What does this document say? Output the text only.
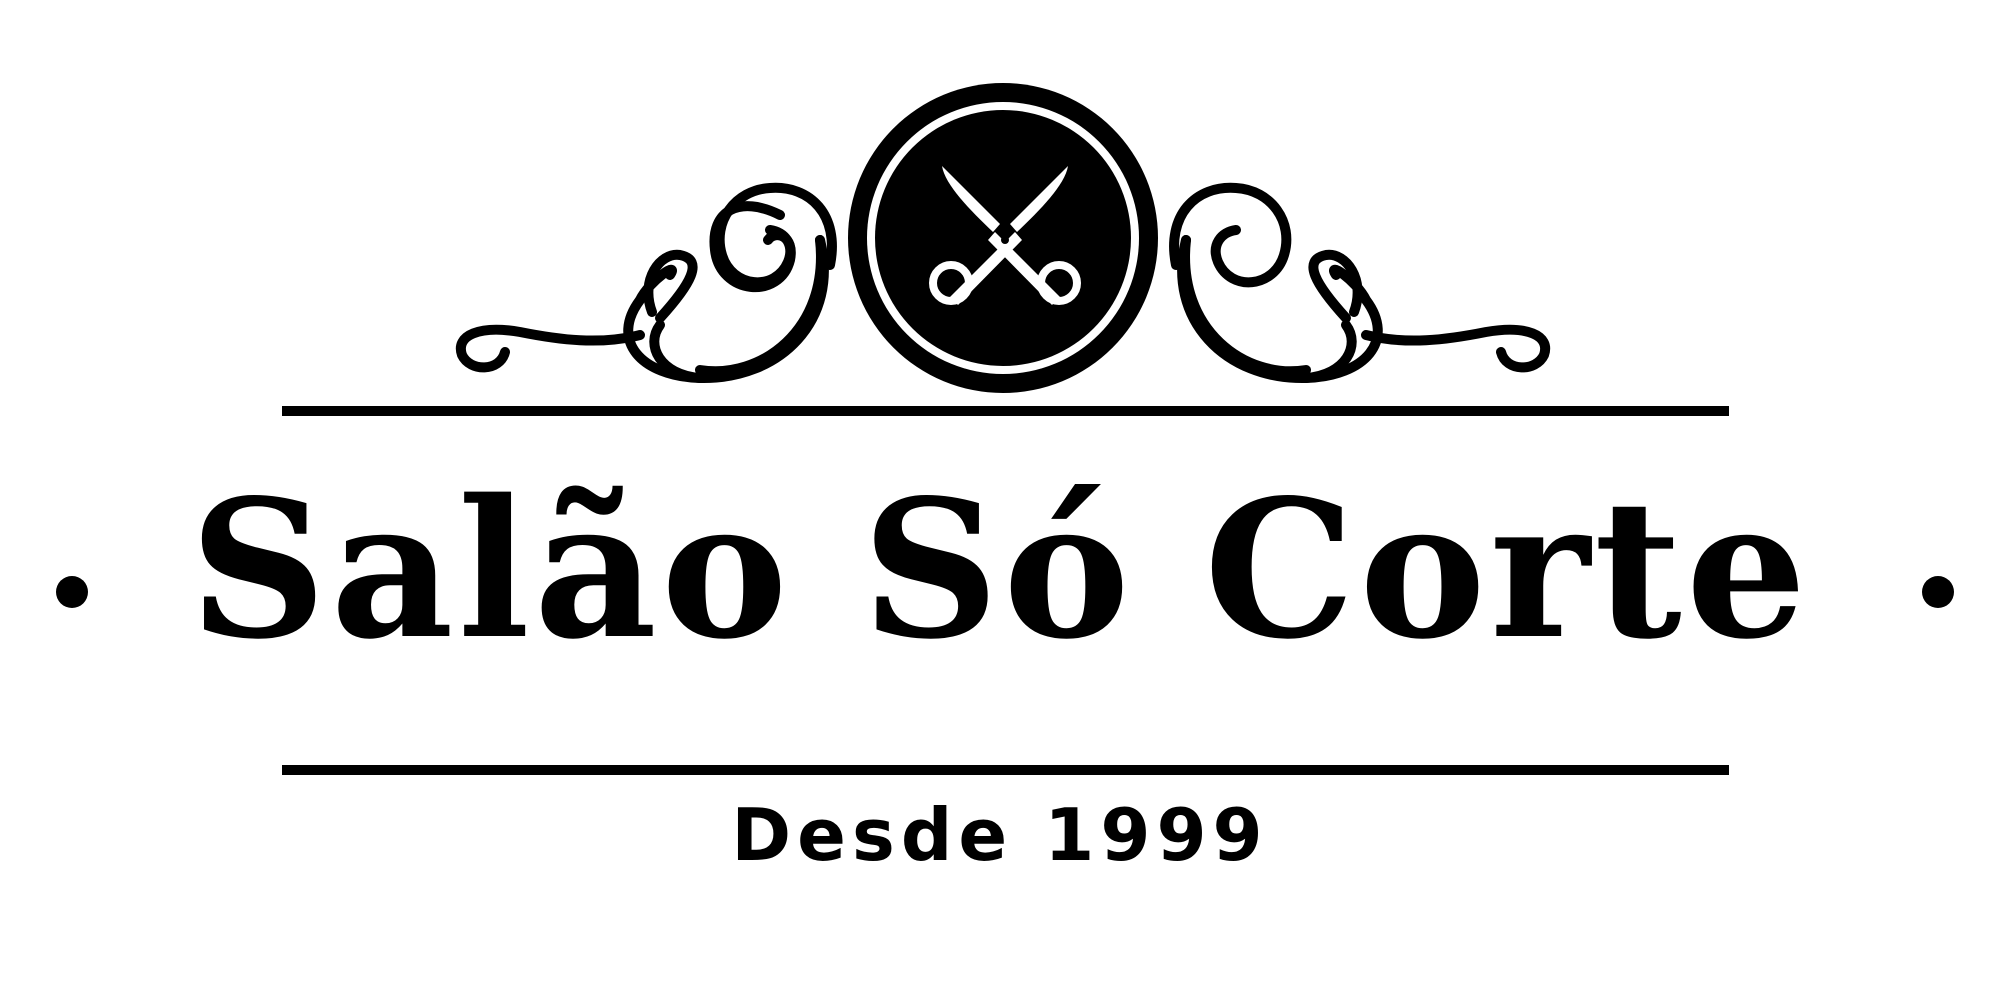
Salão Só Corte
Desde 1999
